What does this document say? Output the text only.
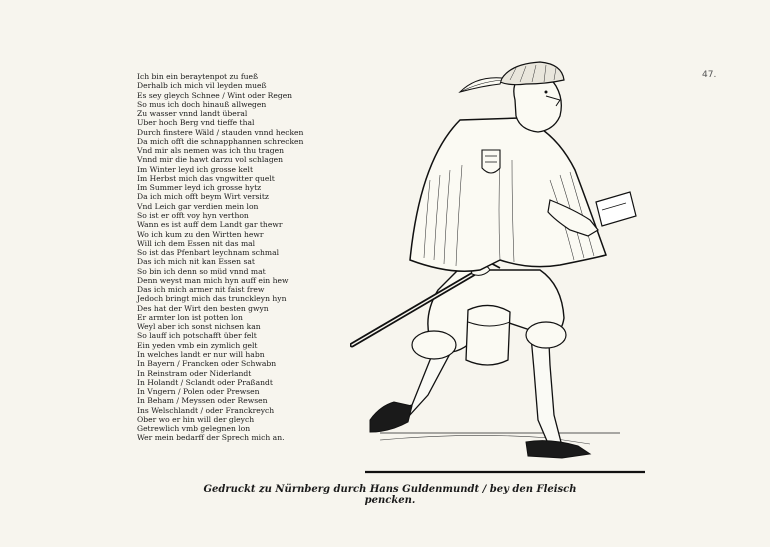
47.
Ich bin ein beraytenpot zu fueß
Derhalb ich mich vil leyden mueß
Es sey gleych Schnee / Wint oder Regen
So mus ich doch hinauß allwegen
Zu wasser vnnd landt überal
Uber hoch Berg vnd tieffe thal
Durch finstere Wäld / stauden vnnd hecken
Da mich offt die schnapphannen schrecken
Vnd mir als nemen was ich thu tragen
Vnnd mir die hawt darzu vol schlagen
Im Winter leyd ich grosse kelt
Im Herbst mich das vngwitter quelt
Im Summer leyd ich grosse hytz
Da ich mich offt beym Wirt versitz
Vnd Leich gar verdien mein lon
So ist er offt voy hyn verthon
Wann es ist auff dem Landt gar thewr
Wo ich kum zu den Wirtten hewr
Will ich dem Essen nit das mal
So ist das Pfenbart leychnam schmal
Das ich mich nit kan Essen sat
So bin ich denn so müd vnnd mat
Denn weyst man mich hyn auff ein hew
Das ich mich armer nit faist frew
Jedoch bringt mich das trunckleyn hyn
Des hat der Wirt den besten gwyn
Er armter lon ist potten lon
Weyl aber ich sonst nichsen kan
So lauff ich potschafft über felt
Ein yeden vmb ein zymlich gelt
In welches landt er nur will habn
In Bayern / Francken oder Schwabn
In Reinstram oder Niderlandt
In Holandt / Sclandt oder Praßandt
In Vngern / Polen oder Prewsen
In Beham / Meyssen oder Rewsen
Ins Welschlandt / oder Franckreych
Ober wo er hin will der gleych
Getrewlich vmb gelegnen lon
Wer mein bedarff der Sprech mich an.
Gedruckt zu Nürnberg durch Hans Guldenmundt / bey den Fleisch pencken.
